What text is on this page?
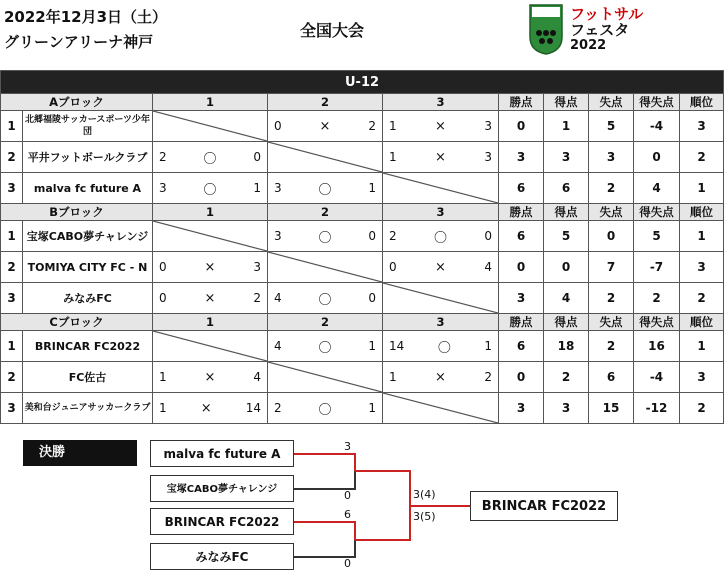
2022年12月3日（土）
グリーンアリーナ神戸
全国大会
フットサル
フェスタ
2022
U-12									
Aブロック		1	2	3	勝点	得点	失点	得失点	順位
1	北郷福陵サッカースポーツ少年団		0 × 2	1 × 3	0	1	5	-4	3
2	平井フットボールクラブ	2 〇 0		1 × 3	3	3	3	0	2
3	malva fc future A	3 〇 1	3 〇 1		6	6	2	4	1
Bブロック		1	2	3	勝点	得点	失点	得失点	順位
1	宝塚CABO夢チャレンジ		3 〇 0	2 〇 0	6	5	0	5	1
2	TOMIYA CITY FC - N	0 × 3		0 × 4	0	0	7	-7	3
3	みなみFC	0 × 2	4 〇 0		3	4	2	2	2
Cブロック		1	2	3	勝点	得点	失点	得失点	順位
1	BRINCAR FC2022		4 〇 1	14 〇 1	6	18	2	16	1
2	FC佐古	1 × 4		1 × 2	0	2	6	-4	3
3	美和台ジュニアサッカークラブ	1 × 14	2 〇 1		3	3	15	-12	2
決勝	malva fc future A
宝塚CABO夢チャレンジ
BRINCAR FC2022
みなみFC
3
0
6
0
3(4)
3(5)
BRINCAR FC2022
